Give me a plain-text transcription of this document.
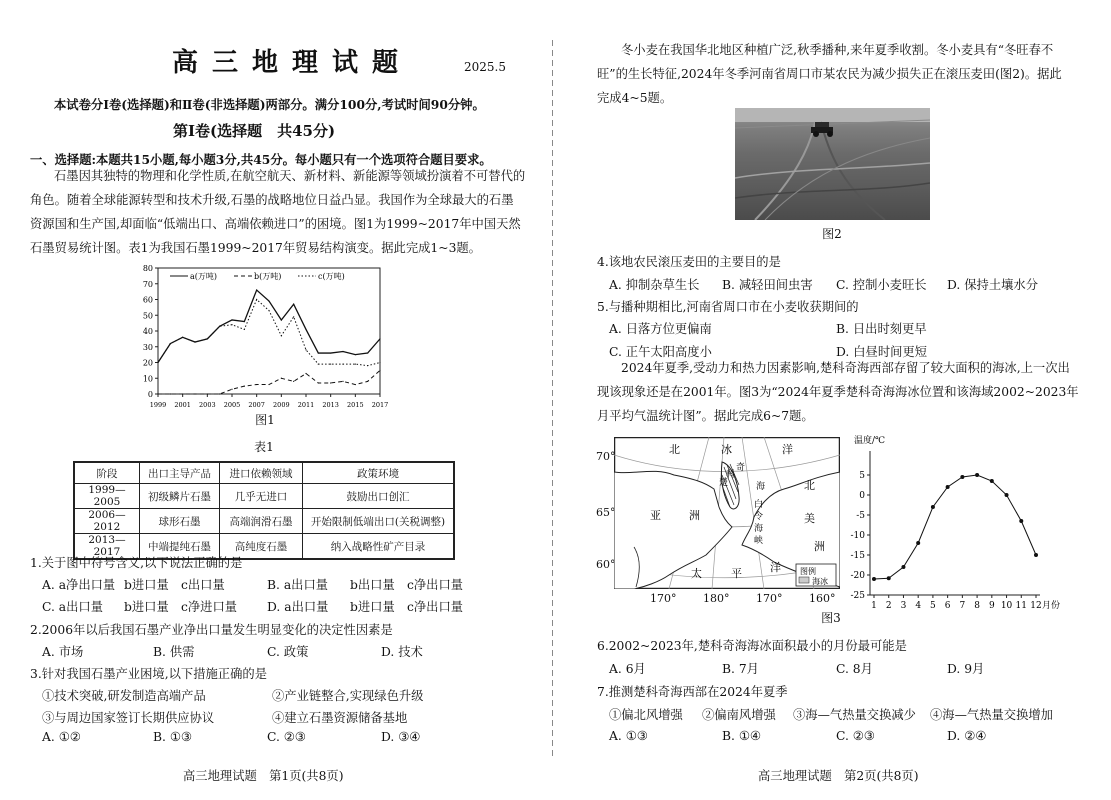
高三地理试题	2025.5
本试卷分Ⅰ卷(选择题)和Ⅱ卷(非选择题)两部分。满分100分,考试时间90分钟。
第Ⅰ卷(选择题　共45分)
一、选择题:本题共15小题,每小题3分,共45分。每小题只有一个选项符合题目要求。
石墨因其独特的物理和化学性质,在航空航天、新材料、新能源等领域扮演着不可替代的
角色。随着全球能源转型和技术升级,石墨的战略地位日益凸显。我国作为全球最大的石墨
资源国和生产国,却面临“低端出口、高端依赖进口”的困境。图1为1999~2017年中国天然
石墨贸易统计图。表1为我国石墨1999~2017年贸易结构演变。据此完成1~3题。
0
10
20
30
40
50
60
70
80
1999 2001 2003 2005 2007 2009 2011 2013 2015 2017
a(万吨)	b(万吨)	c(万吨)
图1
表1
阶段	出口主导产品	进口依赖领域	政策环境
1999—2005	初级鳞片石墨	几乎无进口	鼓励出口创汇
2006—2012	球形石墨	高端润滑石墨	开始限制低端出口(关税调整)
2013—2017	中端提纯石墨	高纯度石墨	纳入战略性矿产目录
1.关于图中符号含义,以下说法正确的是
A. a净出口量 b进口量 c出口量	B. a出口量 b出口量 c净出口量
C. a出口量 b进口量 c净进口量 D. a出口量 b进口量 c净出口量
2.2006年以后我国石墨产业净出口量发生明显变化的决定性因素是
A. 市场	B. 供需	C. 政策	D. 技术
3.针对我国石墨产业困境,以下措施正确的是
①技术突破,研发制造高端产品	②产业链整合,实现绿色升级
③与周边国家签订长期供应协议	④建立石墨资源储备基地
A. ①②	B. ①③	C. ②③	D. ③④
高三地理试题　第1页(共8页)
冬小麦在我国华北地区种植广泛,秋季播种,来年夏季收割。冬小麦具有“冬旺春不
旺”的生长特征,2024年冬季河南省周口市某农民为减少损失正在滚压麦田(图2)。据此
完成4~5题。
图2
4.该地农民滚压麦田的主要目的是
A. 抑制杂草生长 B. 减轻田间虫害 C. 控制小麦旺长 D. 保持土壤水分
5.与播种期相比,河南省周口市在小麦收获期间的
A. 日落方位更偏南	B. 日出时刻更早
C. 正午太阳高度小	D. 白昼时间更短
2024年夏季,受动力和热力因素影响,楚科奇海西部存留了较大面积的海冰,上一次出
现该现象还是在2001年。图3为“2024年夏季楚科奇海海冰位置和该海域2002~2023年
月平均气温统计图”。据此完成6~7题。
北	冰	洋
楚
科
奇
海
白
令
海
峡
亚	洲
北
美
洲
太	平	洋 图例
海冰
70°
65°
60°
170° 180° 170° 160°
温度/℃
5
0
-5
-10
-15
-20
-25
1 2 3 4 5 6 7 8 9 10 11 12 月份
图3
6.2002~2023年,楚科奇海海冰面积最小的月份最可能是
A. 6月	B. 7月	C. 8月	D. 9月
7.推测楚科奇海西部在2024年夏季
①偏北风增强 ②偏南风增强 ③海—气热量交换减少 ④海—气热量交换增加
A. ①③	B. ①④	C. ②③	D. ②④
高三地理试题　第2页(共8页)
